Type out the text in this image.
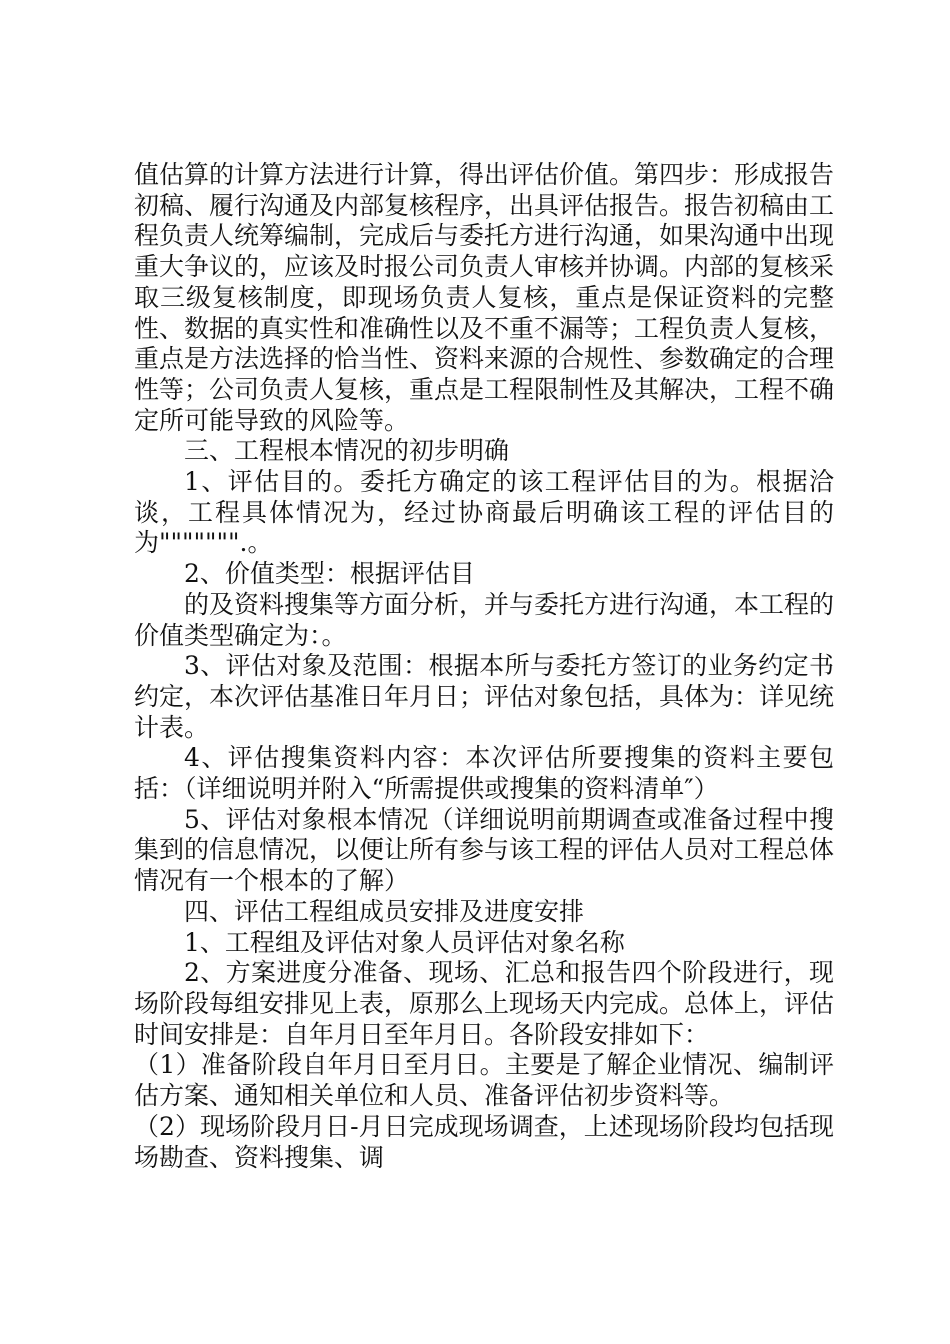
值估算的计算方法进行计算，得出评估价值。第四步：形成报告初稿、履行沟通及内部复核程序，出具评估报告。报告初稿由工程负责人统筹编制，完成后与委托方进行沟通，如果沟通中出现重大争议的，应该及时报公司负责人审核并协调。内部的复核采取三级复核制度，即现场负责人复核，重点是保证资料的完整性、数据的真实性和准确性以及不重不漏等；工程负责人复核，重点是方法选择的恰当性、资料来源的合规性、参数确定的合理性等；公司负责人复核，重点是工程限制性及其解决，工程不确定所可能导致的风险等。

三、工程根本情况的初步明确

1、评估目的。委托方确定的该工程评估目的为。根据洽谈，工程具体情况为，经过协商最后明确该工程的评估目的为""""""".。

2、价值类型：根据评估目

的及资料搜集等方面分析，并与委托方进行沟通，本工程的价值类型确定为：。

3、评估对象及范围：根据本所与委托方签订的业务约定书约定，本次评估基准日年月日；评估对象包括，具体为：详见统计表。

4、评估搜集资料内容：本次评估所要搜集的资料主要包括：（详细说明并附入“所需提供或搜集的资料清单″）

5、评估对象根本情况（详细说明前期调查或准备过程中搜集到的信息情况，以便让所有参与该工程的评估人员对工程总体情况有一个根本的了解）

四、评估工程组成员安排及进度安排

1、工程组及评估对象人员评估对象名称

2、方案进度分准备、现场、汇总和报告四个阶段进行，现场阶段每组安排见上表，原那么上现场天内完成。总体上，评估时间安排是：自年月日至年月日。各阶段安排如下：

（1）准备阶段自年月日至月日。主要是了解企业情况、编制评估方案、通知相关单位和人员、准备评估初步资料等。

（2）现场阶段月日-月日完成现场调查，上述现场阶段均包括现场勘查、资料搜集、调
